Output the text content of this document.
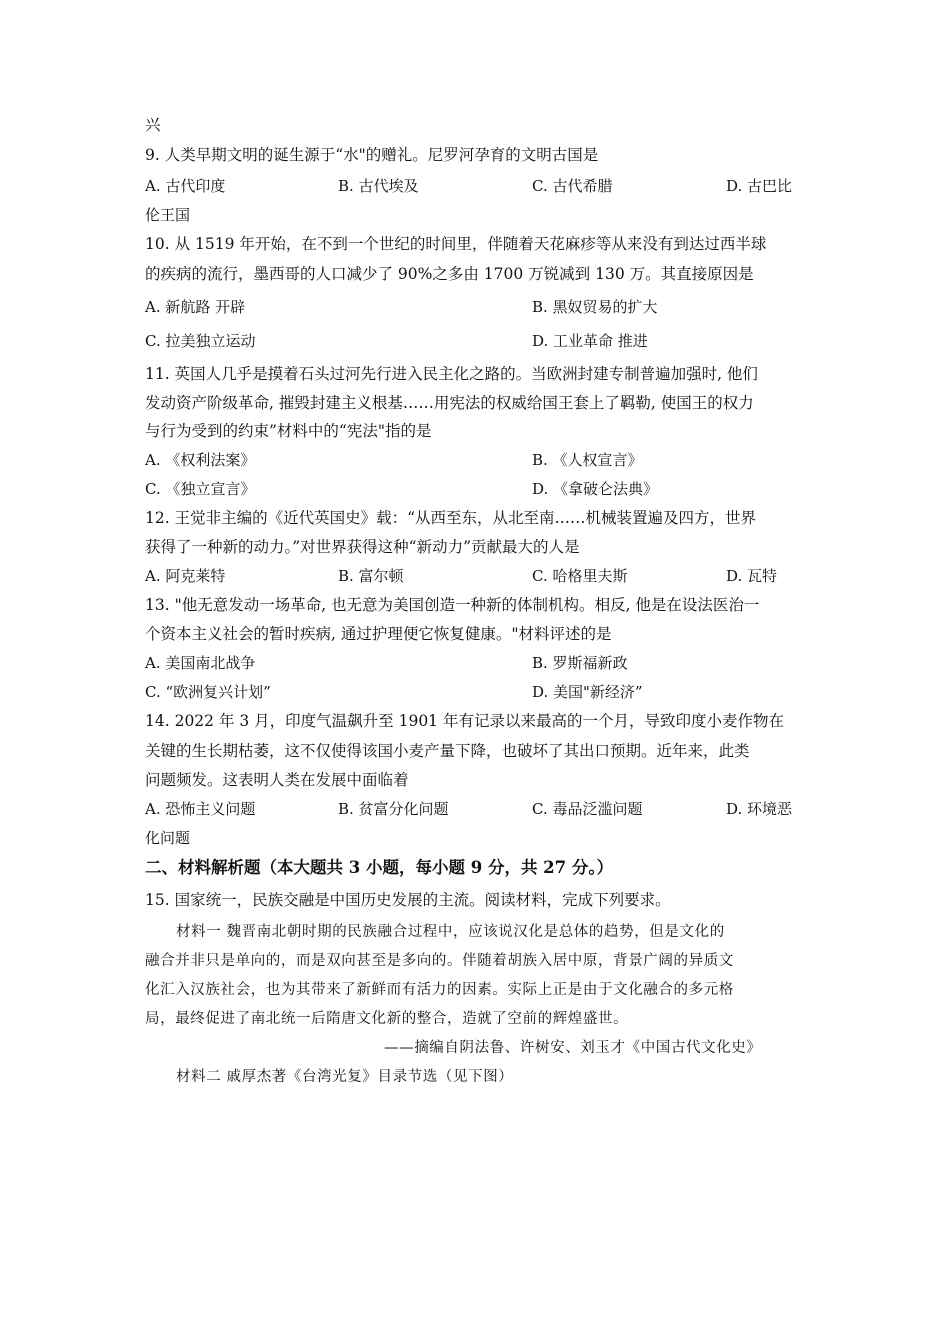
兴

9. 人类早期文明的诞生源于“水"的赠礼。尼罗河孕育的文明古国是

A. 古代印度	B. 古代埃及	C. 古代希腊	D. 古巴比

伦王国

10. 从 1519 年开始，在不到一个世纪的时间里，伴随着天花麻疹等从来没有到达过西半球

的疾病的流行，墨西哥的人口减少了 90%之多由 1700 万锐减到 130 万。其直接原因是

A. 新航路 开辟	B. 黑奴贸易的扩大

C. 拉美独立运动	D. 工业革命 推进

11. 英国人几乎是摸着石头过河先行进入民主化之路的。当欧洲封建专制普遍加强时, 他们

发动资产阶级革命, 摧毁封建主义根基……用宪法的权威给国王套上了羁勒, 使国王的权力

与行为受到的约束”材料中的“宪法"指的是

A. 《权利法案》	B. 《人权宣言》

C. 《独立宣言》	D. 《拿破仑法典》

12. 王觉非主编的《近代英国史》载：“从西至东，从北至南……机械装置遍及四方，世界

获得了一种新的动力。”对世界获得这种“新动力”贡献最大的人是

A. 阿克莱特	B. 富尔顿	C. 哈格里夫斯	D. 瓦特

13. "他无意发动一场革命, 也无意为美国创造一种新的体制机构。相反, 他是在设法医治一

个资本主义社会的暂时疾病, 通过护理便它恢复健康。"材料评述的是

A. 美国南北战争	B. 罗斯福新政

C. “欧洲复兴计划”	D. 美国"新经济”

14. 2022 年 3 月，印度气温飙升至 1901 年有记录以来最高的一个月，导致印度小麦作物在

关键的生长期枯萎，这不仅使得该国小麦产量下降，也破坏了其出口预期。近年来，此类

问题频发。这表明人类在发展中面临着

A. 恐怖主义问题	B. 贫富分化问题	C. 毒品泛滥问题	D. 环境恶

化问题

二、材料解析题（本大题共 3 小题，每小题 9 分，共 27 分。）

15. 国家统一，民族交融是中国历史发展的主流。阅读材料，完成下列要求。

材料一 魏晋南北朝时期的民族融合过程中，应该说汉化是总体的趋势，但是文化的

融合并非只是单向的，而是双向甚至是多向的。伴随着胡族入居中原，背景广阔的异质文

化汇入汉族社会，也为其带来了新鲜而有活力的因素。实际上正是由于文化融合的多元格

局，最终促进了南北统一后隋唐文化新的整合，造就了空前的辉煌盛世。

——摘编自阴法鲁、许树安、刘玉才《中国古代文化史》

材料二 戚厚杰著《台湾光复》目录节选（见下图）
